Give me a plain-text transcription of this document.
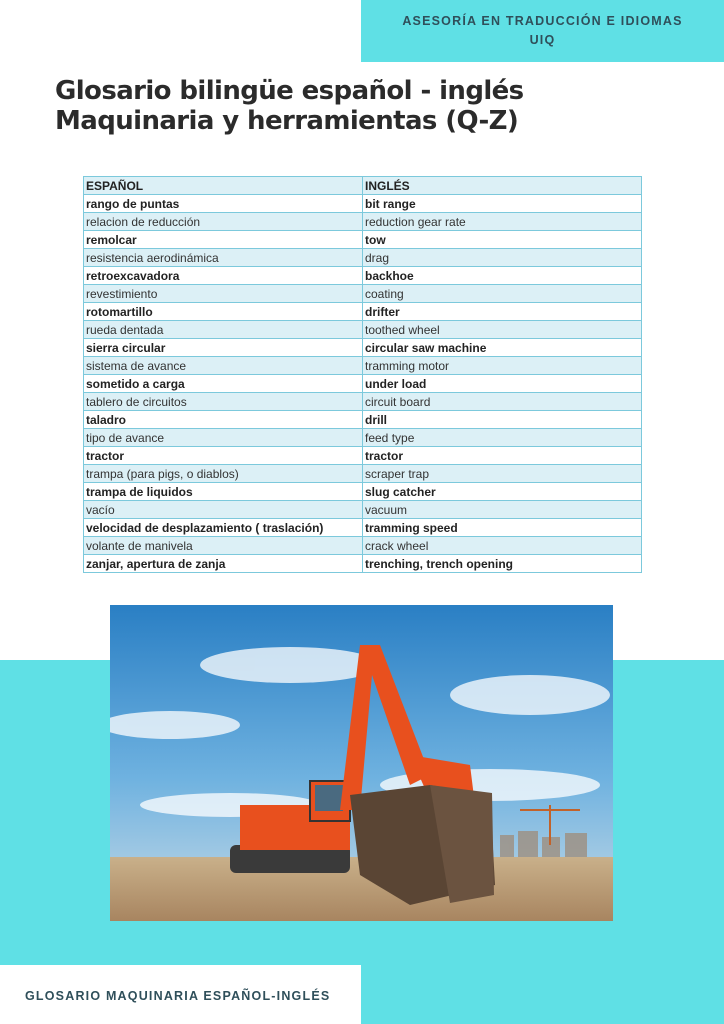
ASESORÍA EN TRADUCCIÓN E IDIOMAS
UIQ
Glosario bilingüe español - inglés
Maquinaria y herramientas (Q-Z)
ESPAÑOL	INGLÉS
rango de puntas	bit range
relacion de reducción	reduction gear rate
remolcar	tow
resistencia aerodinámica	drag
retroexcavadora	backhoe
revestimiento	coating
rotomartillo	drifter
rueda dentada	toothed wheel
sierra circular	circular saw machine
sistema de avance	tramming motor
sometido a carga	under load
tablero de circuitos	circuit board
taladro	drill
tipo de avance	feed type
tractor	tractor
trampa (para pigs, o diablos)	scraper trap
trampa de liquidos	slug catcher
vacío	vacuum
velocidad de desplazamiento ( traslación)	tramming speed
volante de manivela	crack wheel
zanjar, apertura de zanja	trenching, trench opening
GLOSARIO MAQUINARIA ESPAÑOL-INGLÉS
